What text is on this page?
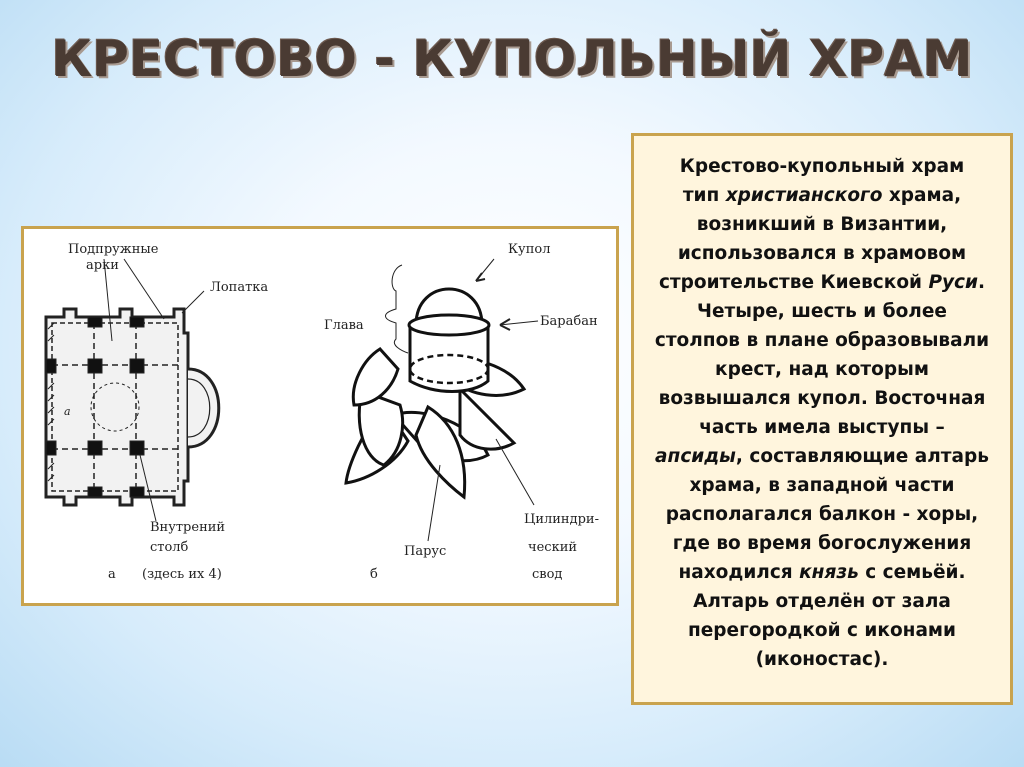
КРЕСТОВО - КУПОЛЬНЫЙ ХРАМ
Подпружные
арки
Лопатка
Внутрений
столб
(здесь их 4)
а
а
Купол
Глава	Барабан
Парус
Цилиндри-
ческий
свод
б
Крестово-купольный храм
тип христианского храма,
возникший в Византии,
использовался в храмовом
строительстве Киевской Руси.
Четыре, шесть и более
столпов в плане образовывали
крест, над которым
возвышался купол. Восточная
часть имела выступы –
апсиды, составляющие алтарь
храма, в западной части
располагался балкон - хоры,
где во время богослужения
находился князь с семьёй.
Алтарь отделён от зала
перегородкой с иконами
(иконостас).
